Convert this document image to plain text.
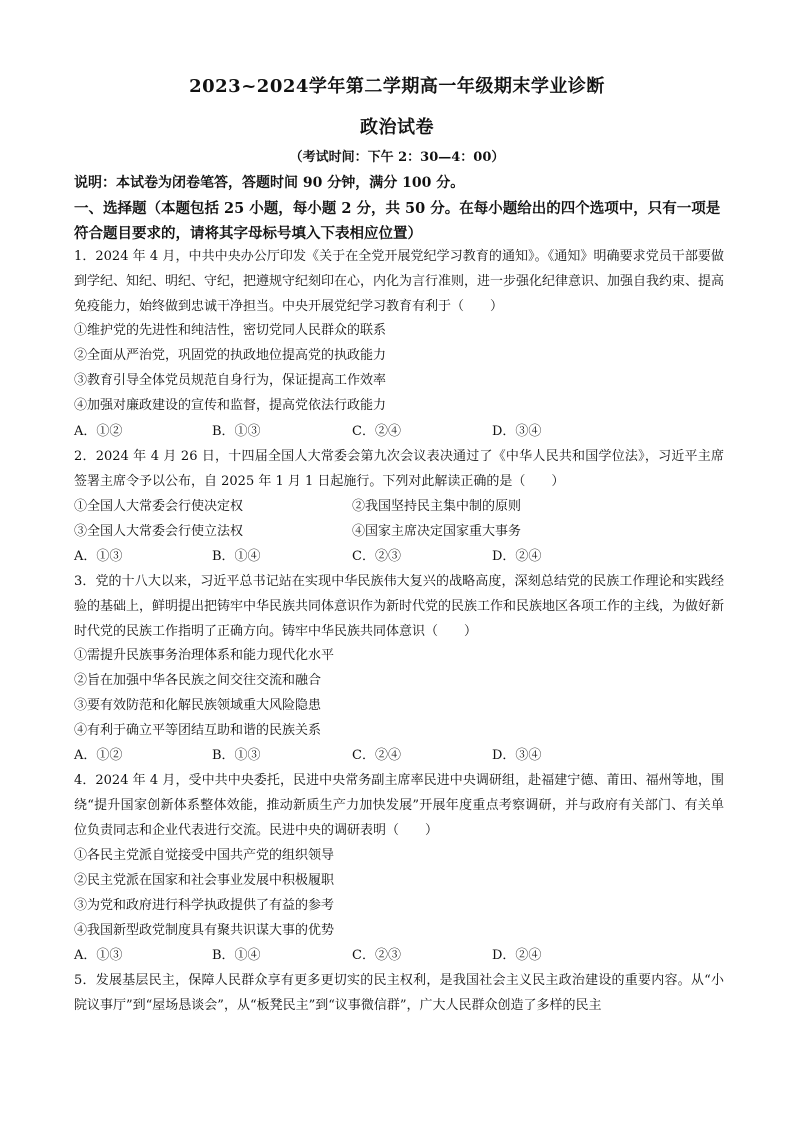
2023~2024学年第二学期高一年级期末学业诊断
政治试卷
（考试时间：下午 2：30—4：00）
说明：本试卷为闭卷笔答，答题时间 90 分钟，满分 100 分。
一、选择题（本题包括 25 小题，每小题 2 分，共 50 分。在每小题给出的四个选项中，只有一项是符合题目要求的，请将其字母标号填入下表相应位置）
1．2024 年 4 月，中共中央办公厅印发《关于在全党开展党纪学习教育的通知》。《通知》明确要求党员干部要做到学纪、知纪、明纪、守纪，把遵规守纪刻印在心，内化为言行准则，进一步强化纪律意识、加强自我约束、提高免疫能力，始终做到忠诚干净担当。中央开展党纪学习教育有利于（　　）
①维护党的先进性和纯洁性，密切党同人民群众的联系
②全面从严治党，巩固党的执政地位提高党的执政能力
③教育引导全体党员规范自身行为，保证提高工作效率
④加强对廉政建设的宣传和监督，提高党依法行政能力
A．①②	B．①③	C．②④	D．③④
2．2024 年 4 月 26 日，十四届全国人大常委会第九次会议表决通过了《中华人民共和国学位法》，习近平主席签署主席令予以公布，自 2025 年 1 月 1 日起施行。下列对此解读正确的是（　　）
①全国人大常委会行使决定权	②我国坚持民主集中制的原则
③全国人大常委会行使立法权	④国家主席决定国家重大事务
A．①③	B．①④	C．②③	D．②④
3．党的十八大以来，习近平总书记站在实现中华民族伟大复兴的战略高度，深刻总结党的民族工作理论和实践经验的基础上，鲜明提出把铸牢中华民族共同体意识作为新时代党的民族工作和民族地区各项工作的主线，为做好新时代党的民族工作指明了正确方向。铸牢中华民族共同体意识（　　）
①需提升民族事务治理体系和能力现代化水平
②旨在加强中华各民族之间交往交流和融合
③要有效防范和化解民族领域重大风险隐患
④有利于确立平等团结互助和谐的民族关系
A．①②	B．①③	C．②④	D．③④
4．2024 年 4 月，受中共中央委托，民进中央常务副主席率民进中央调研组，赴福建宁德、莆田、福州等地，围绕“提升国家创新体系整体效能，推动新质生产力加快发展”开展年度重点考察调研，并与政府有关部门、有关单位负责同志和企业代表进行交流。民进中央的调研表明（　　）
①各民主党派自觉接受中国共产党的组织领导
②民主党派在国家和社会事业发展中积极履职
③为党和政府进行科学执政提供了有益的参考
④我国新型政党制度具有聚共识谋大事的优势
A．①③	B．①④	C．②③	D．②④
5．发展基层民主，保障人民群众享有更多更切实的民主权利，是我国社会主义民主政治建设的重要内容。从“小院议事厅”到“屋场恳谈会”，从“板凳民主”到“议事微信群”，广大人民群众创造了多样的民主
